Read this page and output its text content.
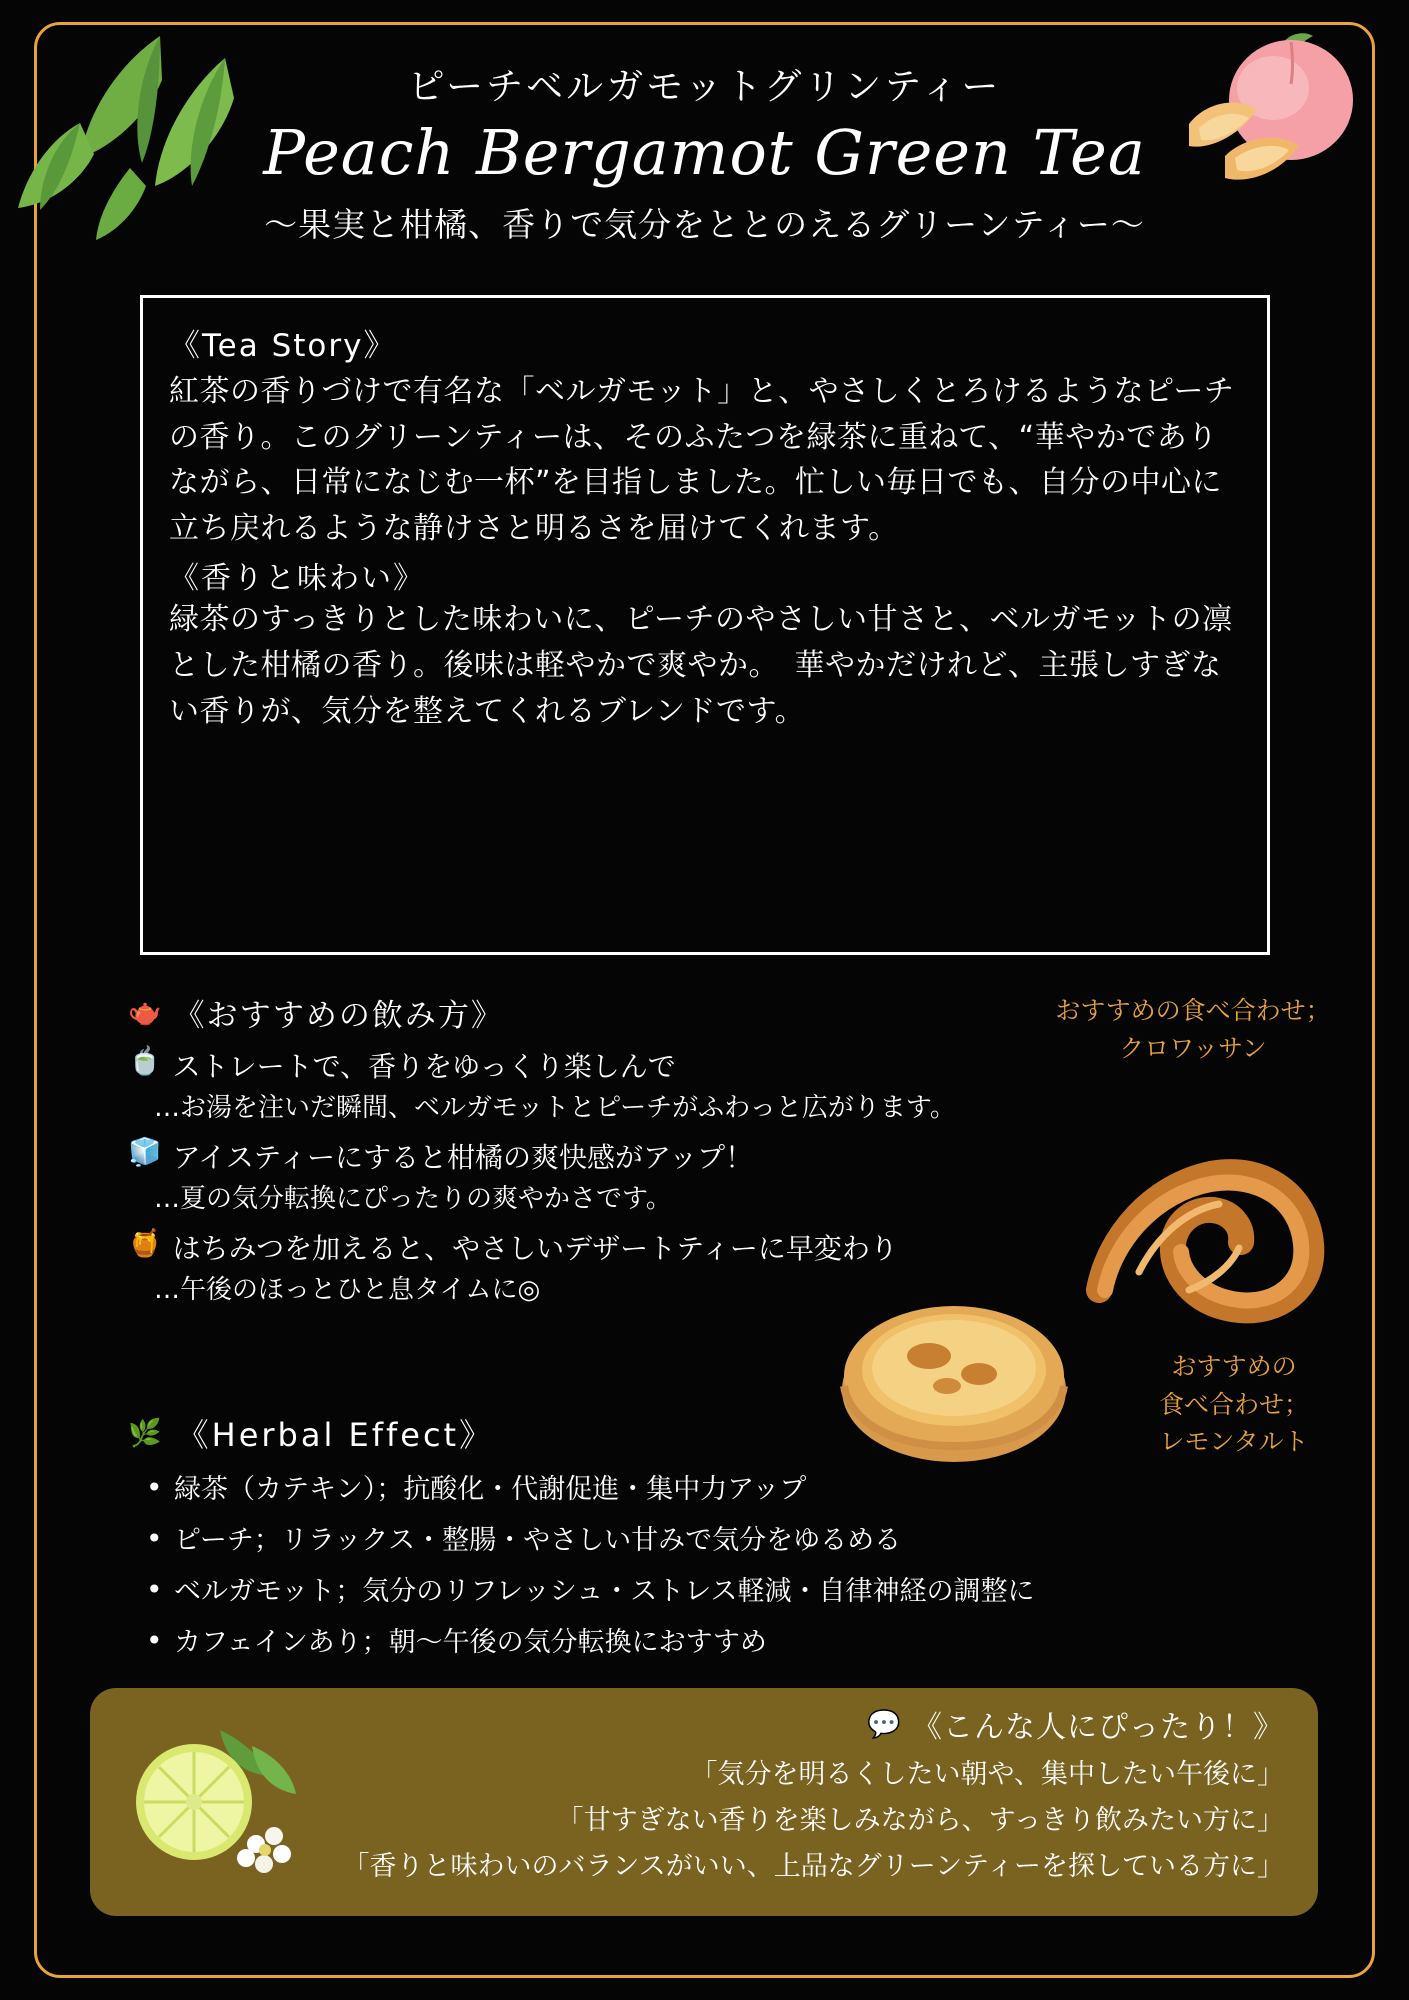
ピーチベルガモットグリンティー
Peach Bergamot Green Tea
〜果実と柑橘、香りで気分をととのえるグリーンティー〜
《Tea Story》
紅茶の香りづけで有名な「ベルガモット」と、やさしくとろけるようなピーチの香り。このグリーンティーは、そのふたつを緑茶に重ねて、“華やかでありながら、日常になじむ一杯”を目指しました。忙しい毎日でも、自分の中心に立ち戻れるような静けさと明るさを届けてくれます。
《香りと味わい》
緑茶のすっきりとした味わいに、ピーチのやさしい甘さと、ベルガモットの凛とした柑橘の香り。後味は軽やかで爽やか。　華やかだけれど、主張しすぎない香りが、気分を整えてくれるブレンドです。
🫖 《おすすめの飲み方》
🍵 ストレートで、香りをゆっくり楽しんで
…お湯を注いだ瞬間、ベルガモットとピーチがふわっと広がります。
🧊 アイスティーにすると柑橘の爽快感がアップ！
…夏の気分転換にぴったりの爽やかさです。
🍯 はちみつを加えると、やさしいデザートティーに早変わり
…午後のほっとひと息タイムに◎
おすすめの食べ合わせ；
クロワッサン
おすすめの
食べ合わせ；
レモンタルト
🌿 《Herbal Effect》
• 緑茶（カテキン）；抗酸化・代謝促進・集中力アップ
• ピーチ；リラックス・整腸・やさしい甘みで気分をゆるめる
• ベルガモット；気分のリフレッシュ・ストレス軽減・自律神経の調整に
• カフェインあり；朝〜午後の気分転換におすすめ
💬 《こんな人にぴったり！》
「気分を明るくしたい朝や、集中したい午後に」
「甘すぎない香りを楽しみながら、すっきり飲みたい方に」
「香りと味わいのバランスがいい、上品なグリーンティーを探している方に」
